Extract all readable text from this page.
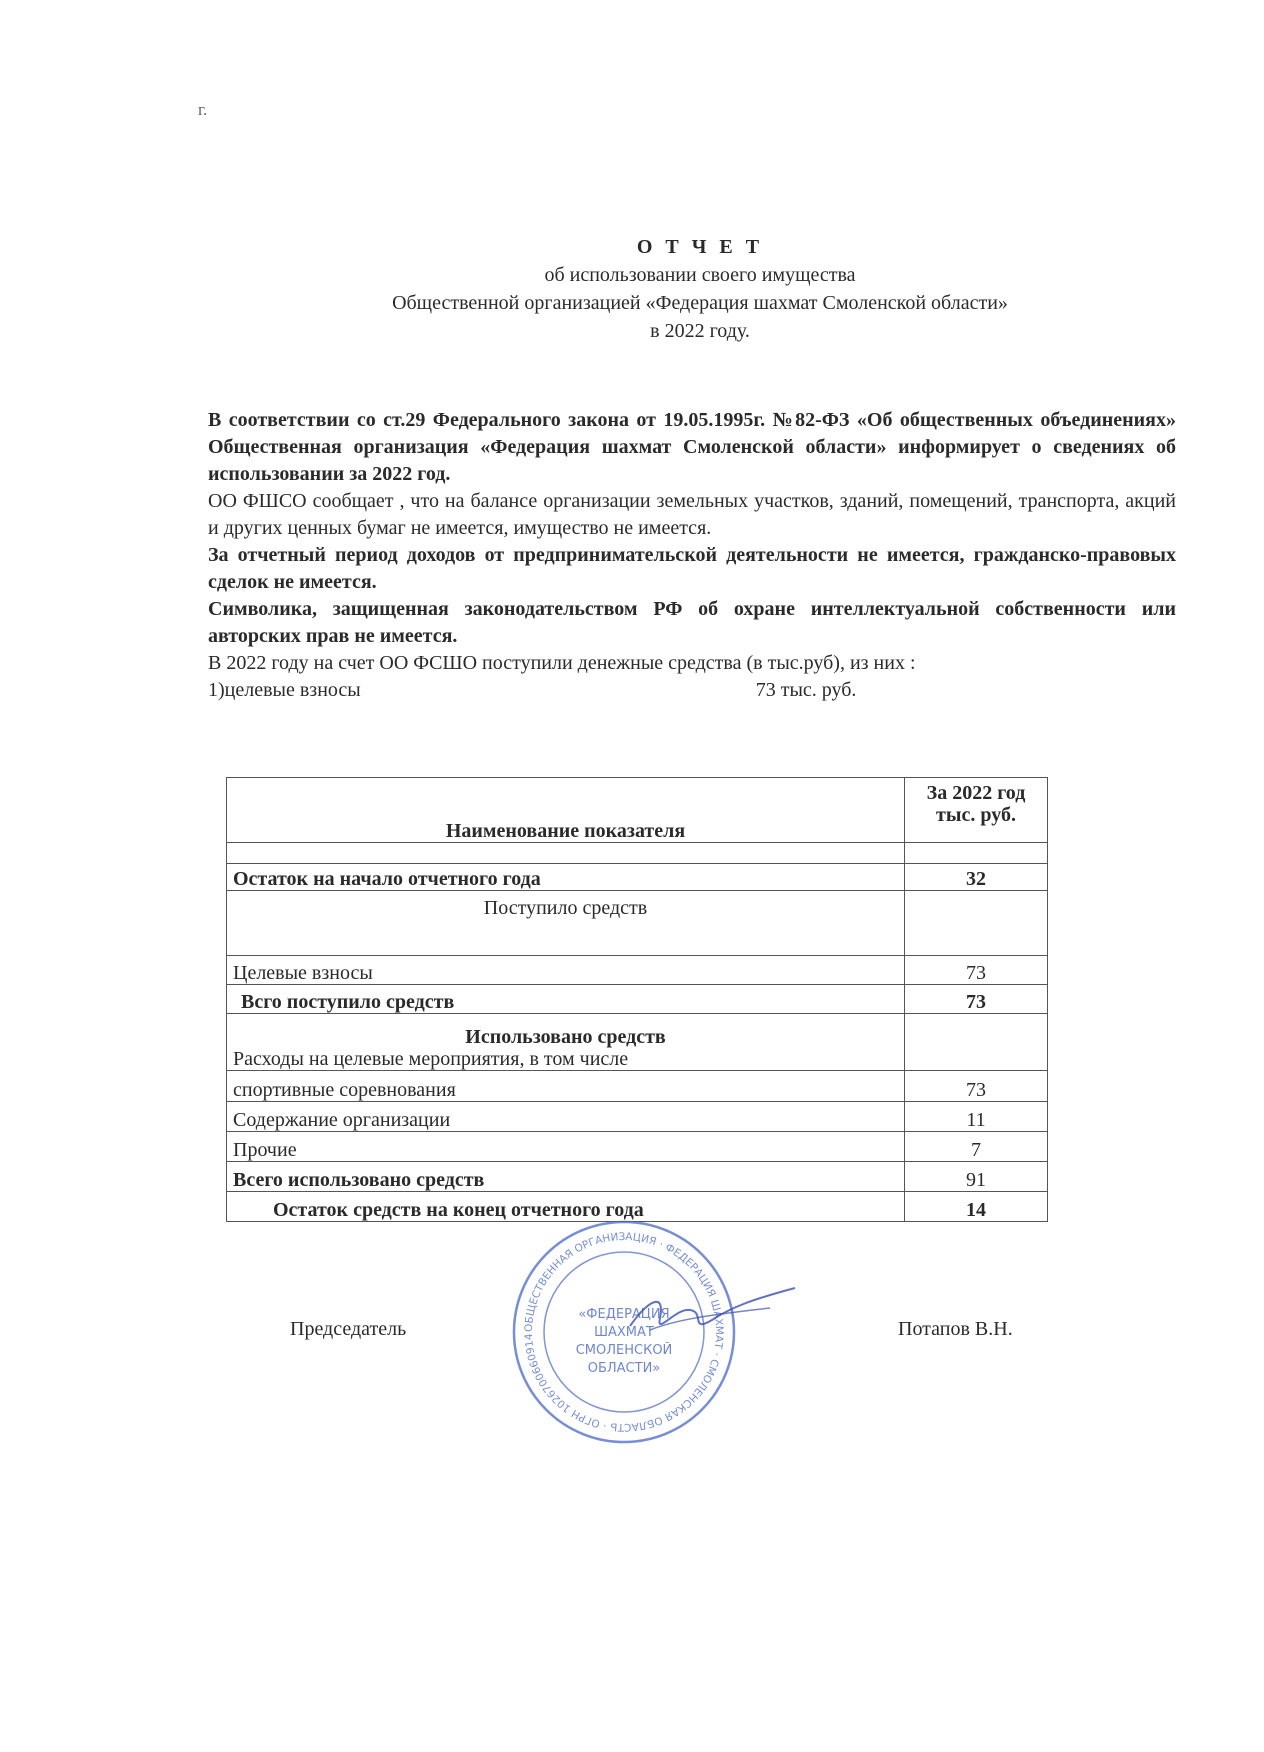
г.
О Т Ч Е Т
об использовании своего имущества
Общественной организацией «Федерация шахмат Смоленской области»
в 2022 году.

В соответствии со ст.29 Федерального закона от 19.05.1995г. №82-ФЗ «Об общественных объединениях» Общественная организация «Федерация шахмат Смоленской области» информирует о сведениях об использовании за 2022 год.

ОО ФШСО сообщает , что на балансе организации земельных участков, зданий, помещений, транспорта, акций и других ценных бумаг не имеется, имущество не имеется.

За отчетный период доходов от предпринимательской деятельности не имеется, гражданско-правовых сделок не имеется.

Символика, защищенная законодательством РФ об охране интеллектуальной собственности или авторских прав не имеется.

В 2022 году на счет ОО ФСШО поступили денежные средства (в тыс.руб), из них :

1)целевые взносы	73 тыс. руб.

Наименование показателя	За 2022 год
тыс. руб.

Остаток на начало отчетного года	32
Поступило средств	
Целевые взносы	73
Всго поступило средств	73

Использовано средств
Расходы на целевые мероприятия, в том числе	

спортивные соревнования	73
Содержание организации	11
Прочие	7
Всего использовано средств	91
Остаток средств на конец отчетного года	14
ОБЩЕСТВЕННАЯ ОРГАНИЗАЦИЯ · ФЕДЕРАЦИЯ ШАХМАТ · СМОЛЕНСКАЯ ОБЛАСТЬ · ОГРН 1026700660914
«ФЕДЕРАЦИЯ
ШАХМАТ
СМОЛЕНСКОЙ
ОБЛАСТИ»
Председатель	Потапов В.Н.
